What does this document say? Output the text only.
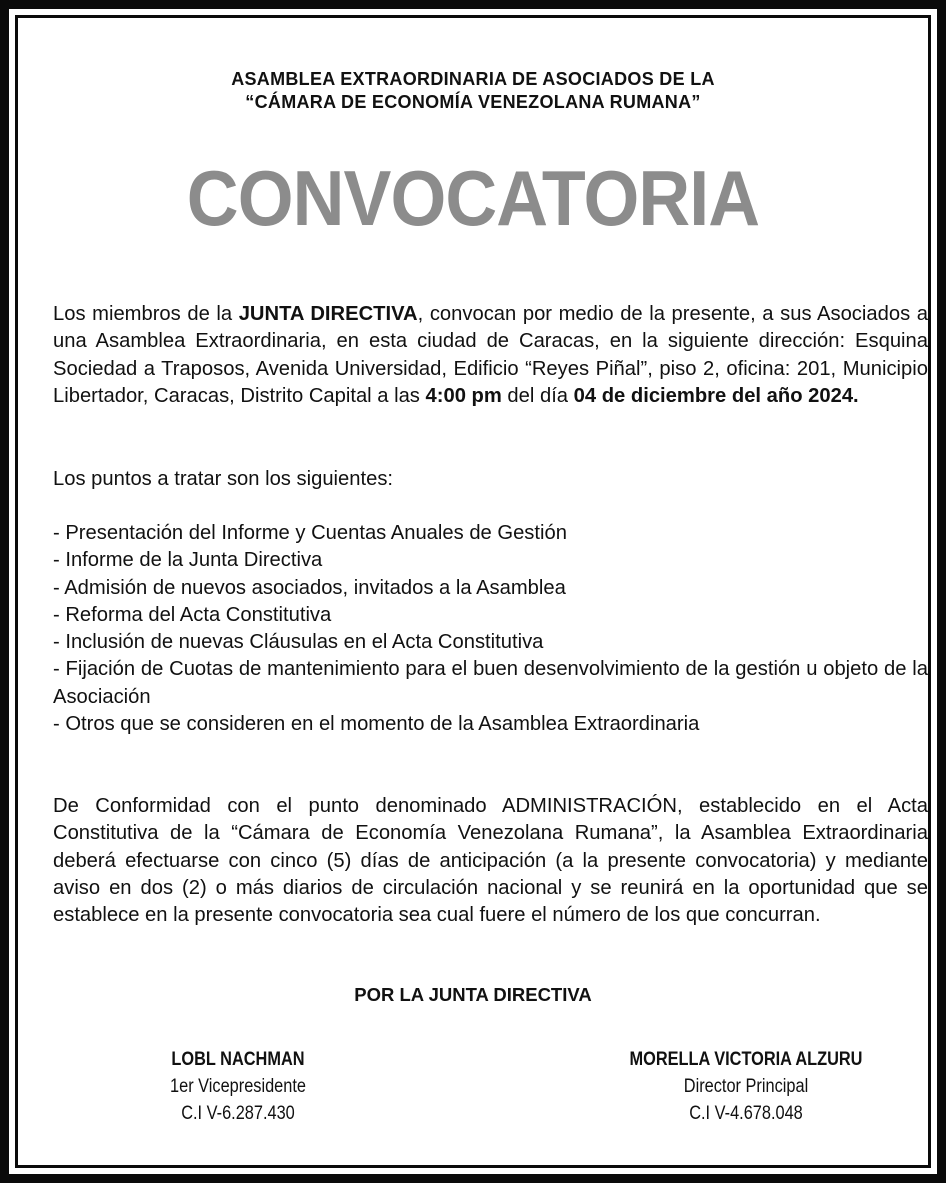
ASAMBLEA EXTRAORDINARIA DE ASOCIADOS DE LA
“CÁMARA DE ECONOMÍA VENEZOLANA RUMANA”
CONVOCATORIA
Los miembros de la JUNTA DIRECTIVA, convocan por medio de la presente, a sus Asociados a una Asamblea Extraordinaria, en esta ciudad de Caracas, en la siguiente dirección: Esquina Sociedad a Traposos, Avenida Universidad, Edificio “Reyes Piñal”, piso 2, oficina: 201, Municipio Libertador, Caracas, Distrito Capital a las 4:00 pm del día 04 de diciembre del año 2024.
Los puntos a tratar son los siguientes:
- Presentación del Informe y Cuentas Anuales de Gestión
- Informe de la Junta Directiva
- Admisión de nuevos asociados, invitados a la Asamblea
- Reforma del Acta Constitutiva
- Inclusión de nuevas Cláusulas en el Acta Constitutiva
- Fijación de Cuotas de mantenimiento para el buen desenvolvimiento de la gestión u objeto de la Asociación
- Otros que se consideren en el momento de la Asamblea Extraordinaria
De Conformidad con el punto denominado ADMINISTRACIÓN, establecido en el Acta Constitutiva de la “Cámara de Economía Venezolana Rumana”, la Asamblea Extraordinaria deberá efectuarse con cinco (5) días de anticipación (a la presente convocatoria) y mediante aviso en dos (2) o más diarios de circulación nacional y se reunirá en la oportunidad que se establece en la presente convocatoria sea cual fuere el número de los que concurran.
POR LA JUNTA DIRECTIVA
LOBL NACHMAN
1er Vicepresidente
C.I V-6.287.430
MORELLA VICTORIA ALZURU
Director Principal
C.I V-4.678.048
